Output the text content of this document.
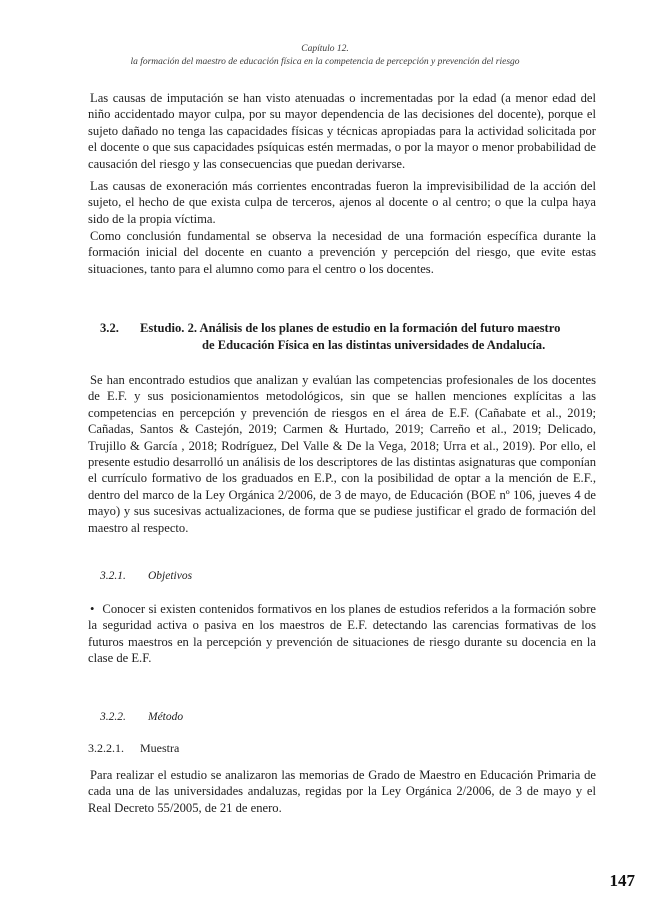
Capítulo 12.
la formación del maestro de educación física en la competencia de percepción y prevención del riesgo

Las causas de imputación se han visto atenuadas o incrementadas por la edad (a menor edad del niño accidentado mayor culpa, por su mayor dependencia de las decisiones del docente), porque el sujeto dañado no tenga las capacidades físicas y técnicas apropiadas para la actividad solicitada por el docente o que sus capacidades psíquicas estén mermadas, o por la mayor o menor probabilidad de causación del riesgo y las consecuencias que puedan derivarse.

Las causas de exoneración más corrientes encontradas fueron la imprevisibilidad de la acción del sujeto, el hecho de que exista culpa de terceros, ajenos al docente o al centro; o que la culpa haya sido de la propia víctima.

Como conclusión fundamental se observa la necesidad de una formación específica durante la formación inicial del docente en cuanto a prevención y percepción del riesgo, que evite estas situaciones, tanto para el alumno como para el centro o los docentes.

3.2. Estudio. 2. Análisis de los planes de estudio en la formación del futuro maestro
de Educación Física en las distintas universidades de Andalucía.

Se han encontrado estudios que analizan y evalúan las competencias profesionales de los docentes de E.F. y sus posicionamientos metodológicos, sin que se hallen menciones explícitas a las competencias en percepción y prevención de riesgos en el área de E.F. (Cañabate et al., 2019; Cañadas, Santos & Castejón, 2019; Carmen & Hurtado, 2019; Carreño et al., 2019; Delicado, Trujillo & García , 2018; Rodríguez, Del Valle & De la Vega, 2018; Urra et al., 2019). Por ello, el presente estudio desarrolló un análisis de los descriptores de las distintas asignaturas que componían el currículo formativo de los graduados en E.P., con la posibilidad de optar a la mención de E.F., dentro del marco de la Ley Orgánica 2/2006, de 3 de mayo, de Educación (BOE nº 106, jueves 4 de mayo) y sus sucesivas actualizaciones, de forma que se pudiese justificar el grado de formación del maestro al respecto.

3.2.1. Objetivos
• Conocer si existen contenidos formativos en los planes de estudios referidos a la formación sobre la seguridad activa o pasiva en los maestros de E.F. detectando las carencias formativas de los futuros maestros en la percepción y prevención de situaciones de riesgo durante su docencia en la clase de E.F.
3.2.2. Método
3.2.2.1. Muestra

Para realizar el estudio se analizaron las memorias de Grado de Maestro en Educación Primaria de cada una de las universidades andaluzas, regidas por la Ley Orgánica 2/2006, de 3 de mayo y el Real Decreto 55/2005, de 21 de enero.

147
